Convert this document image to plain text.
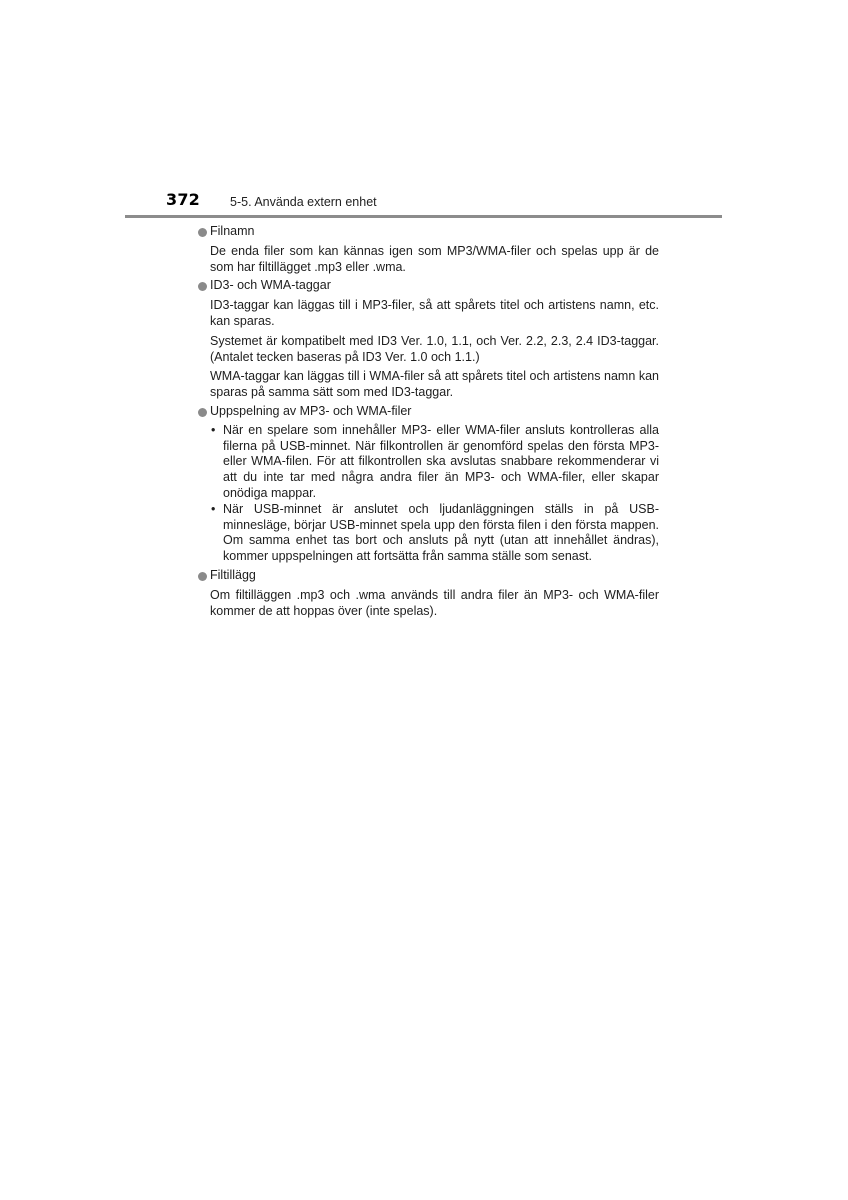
372 5-5. Använda extern enhet

Filnamn

De enda filer som kan kännas igen som MP3/WMA-filer och spelas upp är de som har filtillägget .mp3 eller .wma.

ID3- och WMA-taggar

ID3-taggar kan läggas till i MP3-filer, så att spårets titel och artistens namn, etc. kan sparas.

Systemet är kompatibelt med ID3 Ver. 1.0, 1.1, och Ver. 2.2, 2.3, 2.4 ID3-taggar. (Antalet tecken baseras på ID3 Ver. 1.0 och 1.1.)

WMA-taggar kan läggas till i WMA-filer så att spårets titel och artistens namn kan sparas på samma sätt som med ID3-taggar.

Uppspelning av MP3- och WMA-filer

• När en spelare som innehåller MP3- eller WMA-filer ansluts kontrolleras alla filerna på USB-minnet. När filkontrollen är genomförd spelas den första MP3- eller WMA-filen. För att filkontrollen ska avslutas snabbare rekommenderar vi att du inte tar med några andra filer än MP3- och WMA-filer, eller skapar onödiga mappar.
• När USB-minnet är anslutet och ljudanläggningen ställs in på USB-minnesläge, börjar USB-minnet spela upp den första filen i den första mappen. Om samma enhet tas bort och ansluts på nytt (utan att innehållet ändras), kommer uppspelningen att fortsätta från samma ställe som senast.

Filtillägg

Om filtilläggen .mp3 och .wma används till andra filer än MP3- och WMA-filer kommer de att hoppas över (inte spelas).
